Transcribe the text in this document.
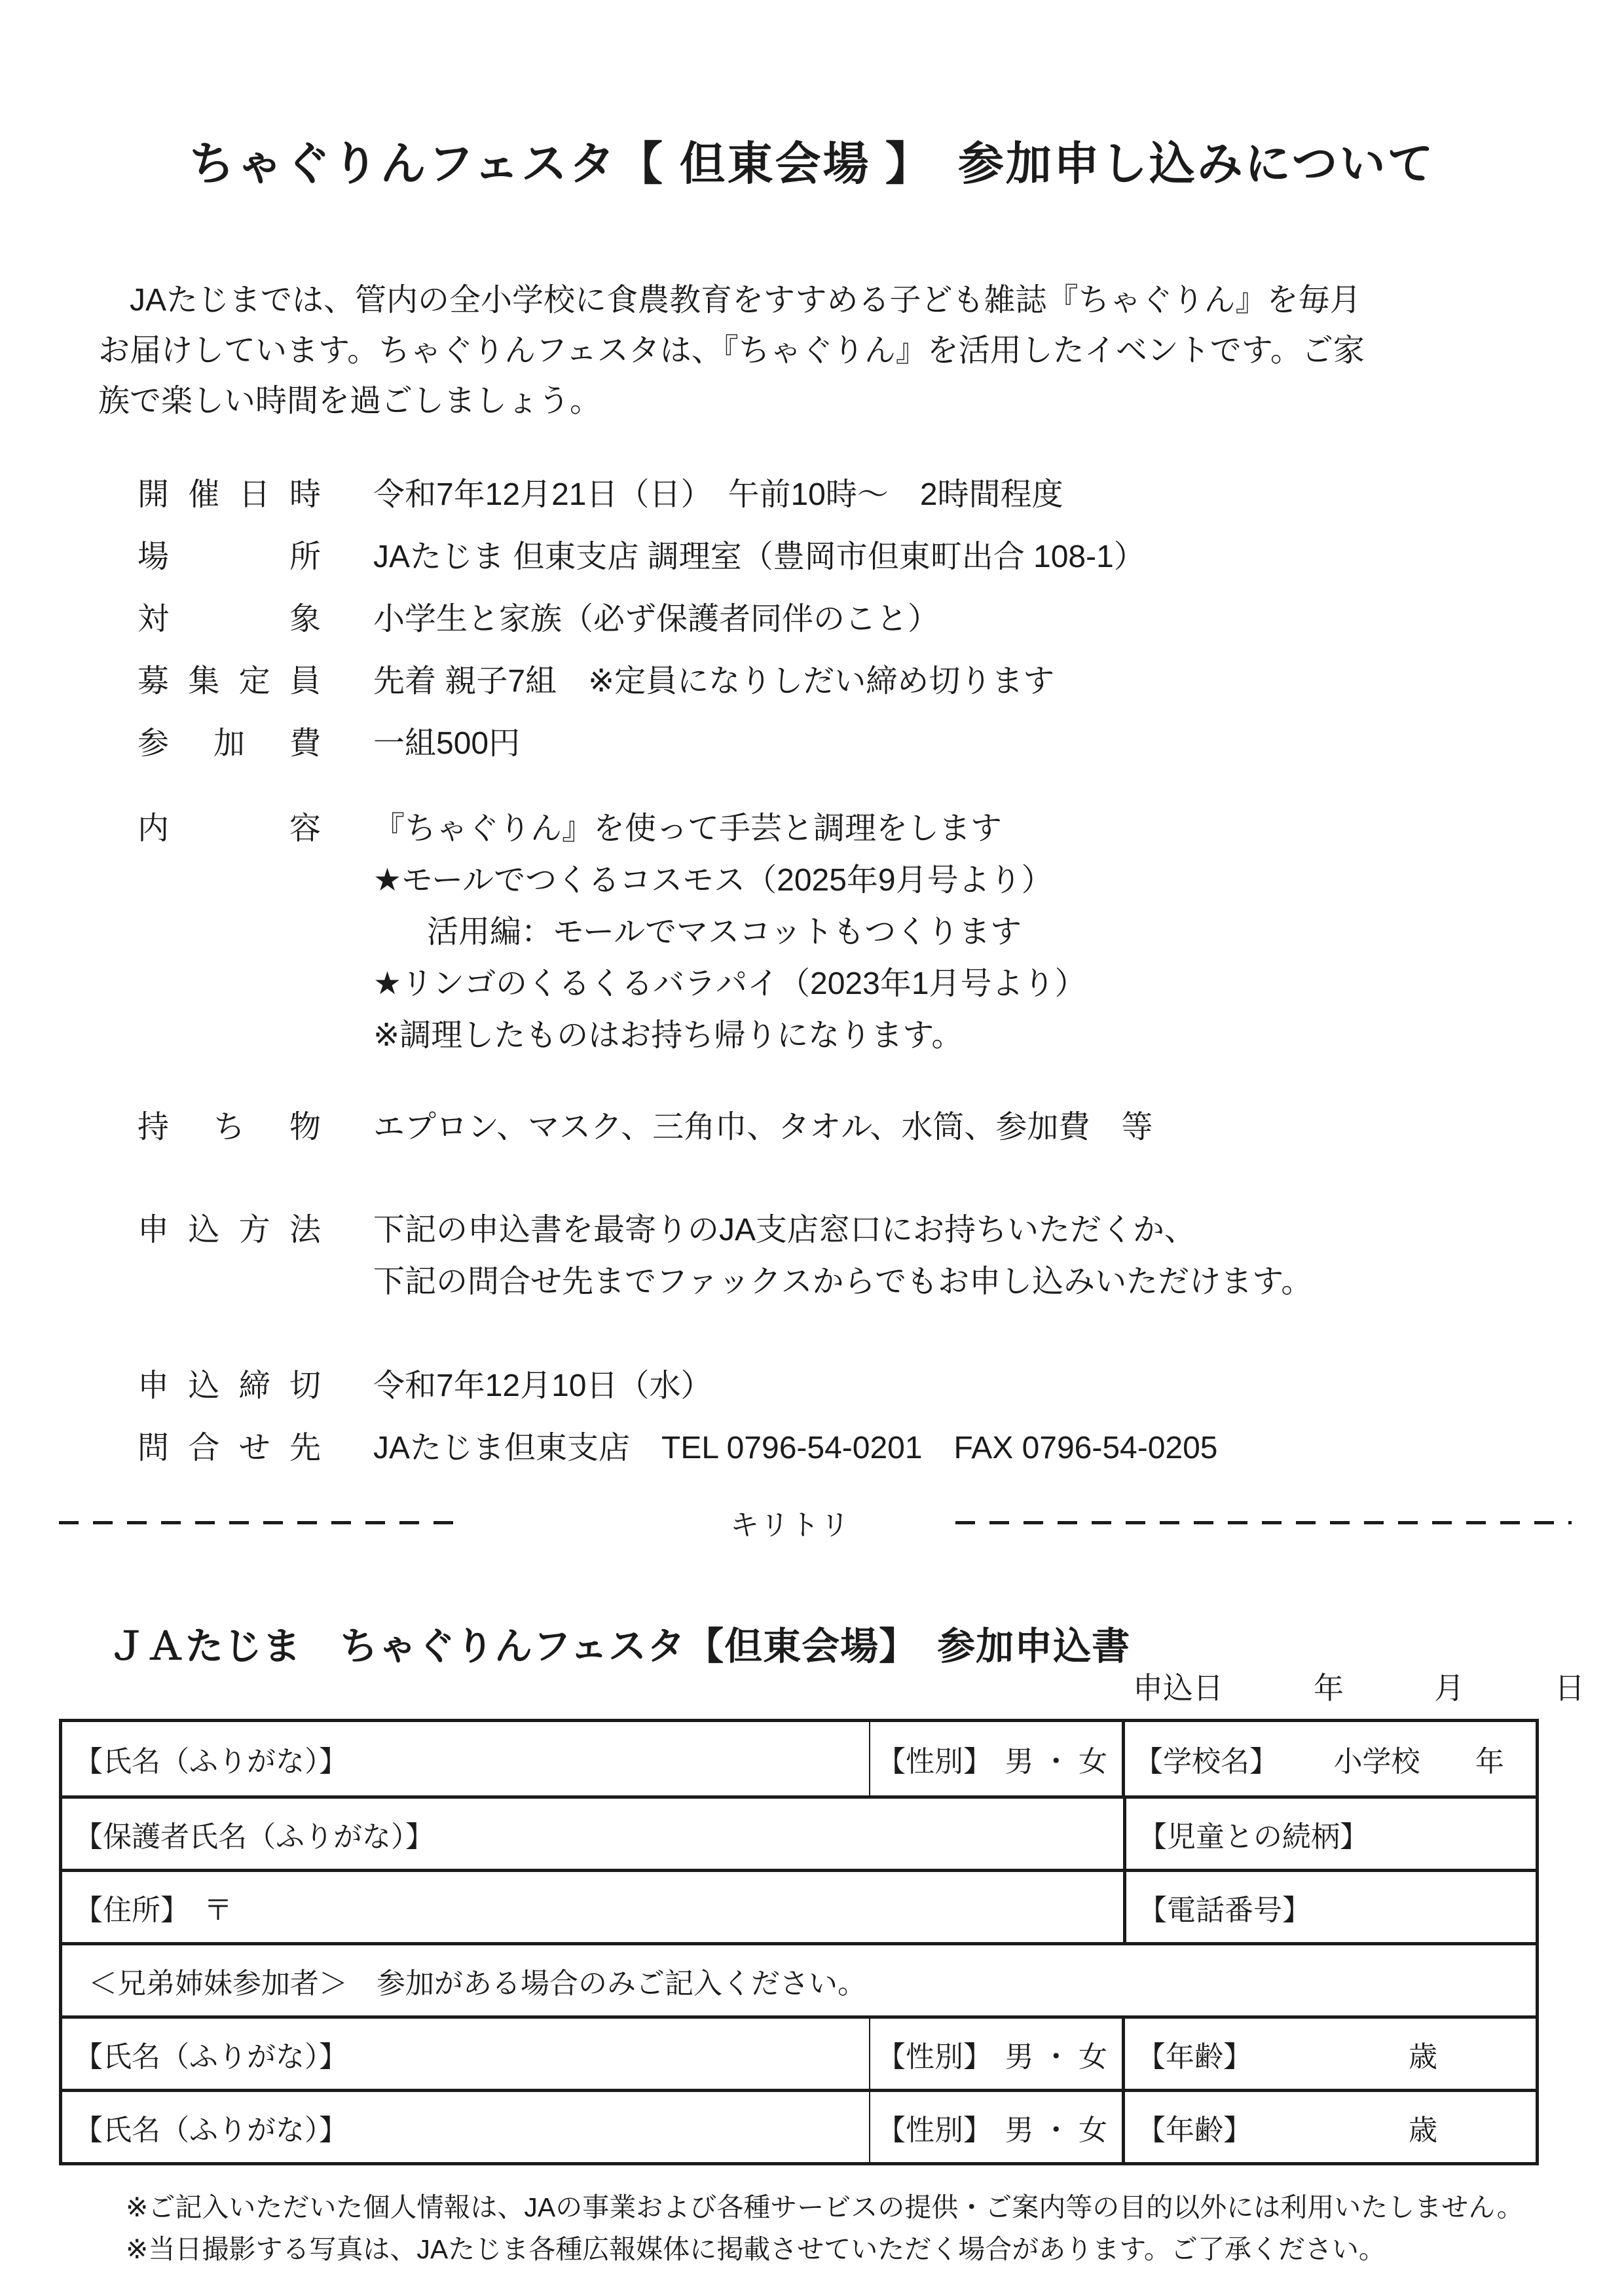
ちゃぐりんフェスタ【 但東会場 】　参加申し込みについて
　JAたじまでは、管内の全小学校に食農教育をすすめる子ども雑誌『ちゃぐりん』を毎月
お届けしています。ちゃぐりんフェスタは、『ちゃぐりん』を活用したイベントです。ご家
族で楽しい時間を過ごしましょう。
開催日時 令和7年12月21日（日）　午前10時～　2時間程度
場所 JAたじま 但東支店 調理室（豊岡市但東町出合 108-1）
対象 小学生と家族（必ず保護者同伴のこと）
募集定員 先着 親子7組　※定員になりしだい締め切ります
参加費 一組500円
内容 『ちゃぐりん』を使って手芸と調理をします
★モールでつくるコスモス（2025年9月号より）
活用編：モールでマスコットもつくります
★リンゴのくるくるバラパイ（2023年1月号より）
※調理したものはお持ち帰りになります。
持ち物 エプロン、マスク、三角巾、タオル、水筒、参加費　等
申込方法 下記の申込書を最寄りのJA支店窓口にお持ちいただくか、
下記の問合せ先までファックスからでもお申し込みいただけます。
申込締切 令和7年12月10日（水）
問合せ先 JAたじま但東支店　TEL 0796-54-0201　FAX 0796-54-0205
キリトリ
ＪＡたじま　ちゃぐりんフェスタ【但東会場】　参加申込書
申込日　　　年　　　月　　　日
【氏名（ふりがな）】	【性別】 男 ・ 女 【学校名】 小学校 年
【保護者氏名（ふりがな）】	【児童との続柄】
【住所】　〒	【電話番号】
＜兄弟姉妹参加者＞　参加がある場合のみご記入ください。
【氏名（ふりがな）】	【性別】 男 ・ 女 【年齢】	歳
【氏名（ふりがな）】	【性別】 男 ・ 女 【年齢】	歳
※ご記入いただいた個人情報は、JAの事業および各種サービスの提供・ご案内等の目的以外には利用いたしません。
※当日撮影する写真は、JAたじま各種広報媒体に掲載させていただく場合があります。ご了承ください。
